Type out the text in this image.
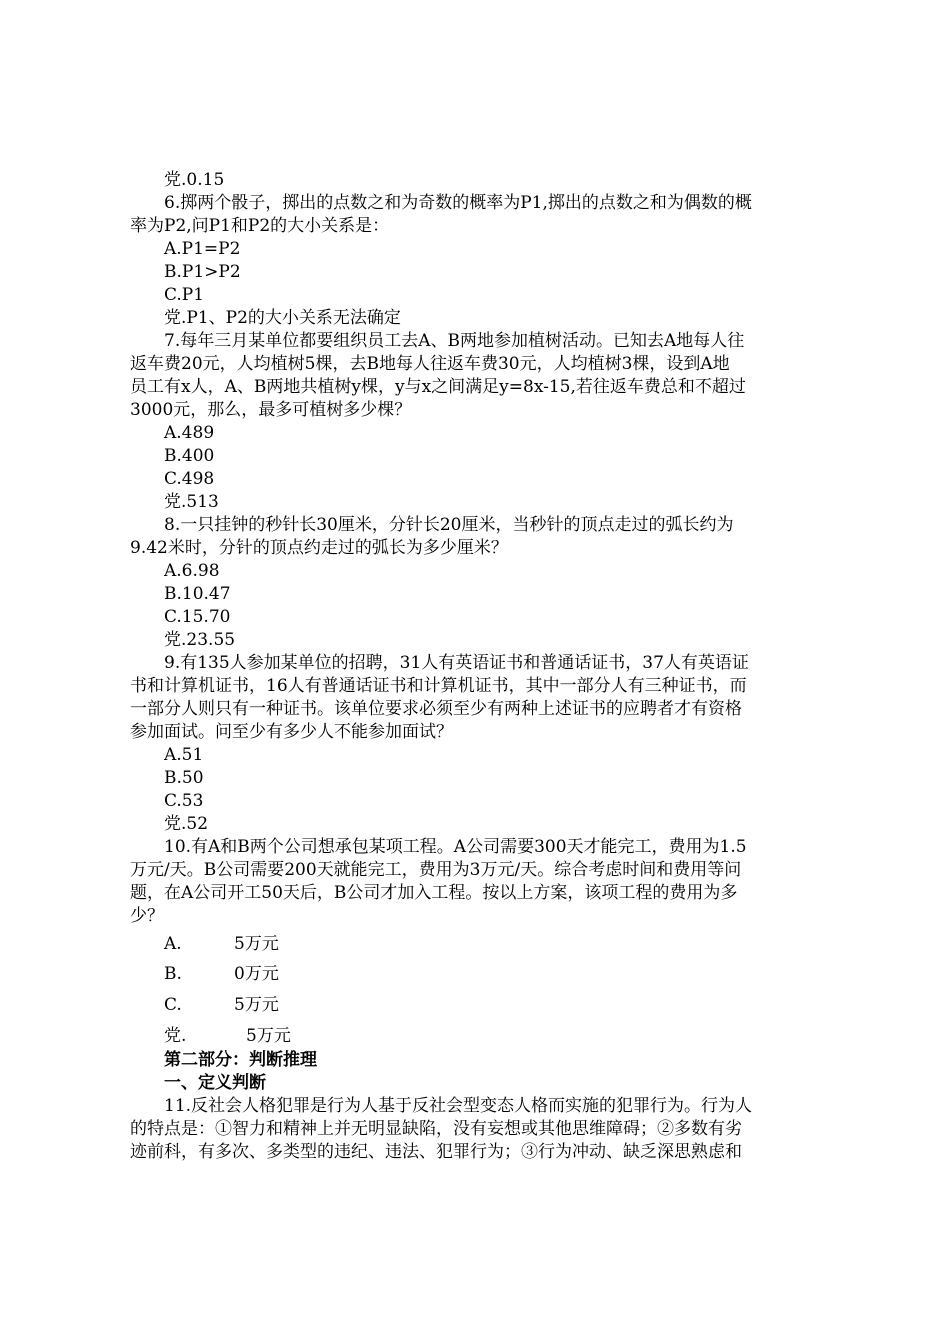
党.0.15
6.掷两个骰子，掷出的点数之和为奇数的概率为P1,掷出的点数之和为偶数的概
率为P2,问P1和P2的大小关系是：
A.P1=P2
B.P1>P2
C.P1
党.P1、P2的大小关系无法确定
7.每年三月某单位都要组织员工去A、B两地参加植树活动。已知去A地每人往
返车费20元，人均植树5棵，去B地每人往返车费30元，人均植树3棵，设到A地
员工有x人，A、B两地共植树y棵，y与x之间满足y=8x-15,若往返车费总和不超过
3000元，那么，最多可植树多少棵？
A.489
B.400
C.498
党.513
8.一只挂钟的秒针长30厘米，分针长20厘米，当秒针的顶点走过的弧长约为
9.42米时，分针的顶点约走过的弧长为多少厘米？
A.6.98
B.10.47
C.15.70
党.23.55
9.有135人参加某单位的招聘，31人有英语证书和普通话证书，37人有英语证
书和计算机证书，16人有普通话证书和计算机证书，其中一部分人有三种证书，而
一部分人则只有一种证书。该单位要求必须至少有两种上述证书的应聘者才有资格
参加面试。问至少有多少人不能参加面试？
A.51
B.50
C.53
党.52
10.有A和B两个公司想承包某项工程。A公司需要300天才能完工，费用为1.5
万元/天。B公司需要200天就能完工，费用为3万元/天。综合考虑时间和费用等问
题，在A公司开工50天后，B公司才加入工程。按以上方案，该项工程的费用为多
少？
A.	5万元
B.	0万元
C.	5万元
党.	5万元
第二部分：判断推理
一、定义判断
11.反社会人格犯罪是行为人基于反社会型变态人格而实施的犯罪行为。行为人
的特点是：①智力和精神上并无明显缺陷，没有妄想或其他思维障碍；②多数有劣
迹前科，有多次、多类型的违纪、违法、犯罪行为；③行为冲动、缺乏深思熟虑和
